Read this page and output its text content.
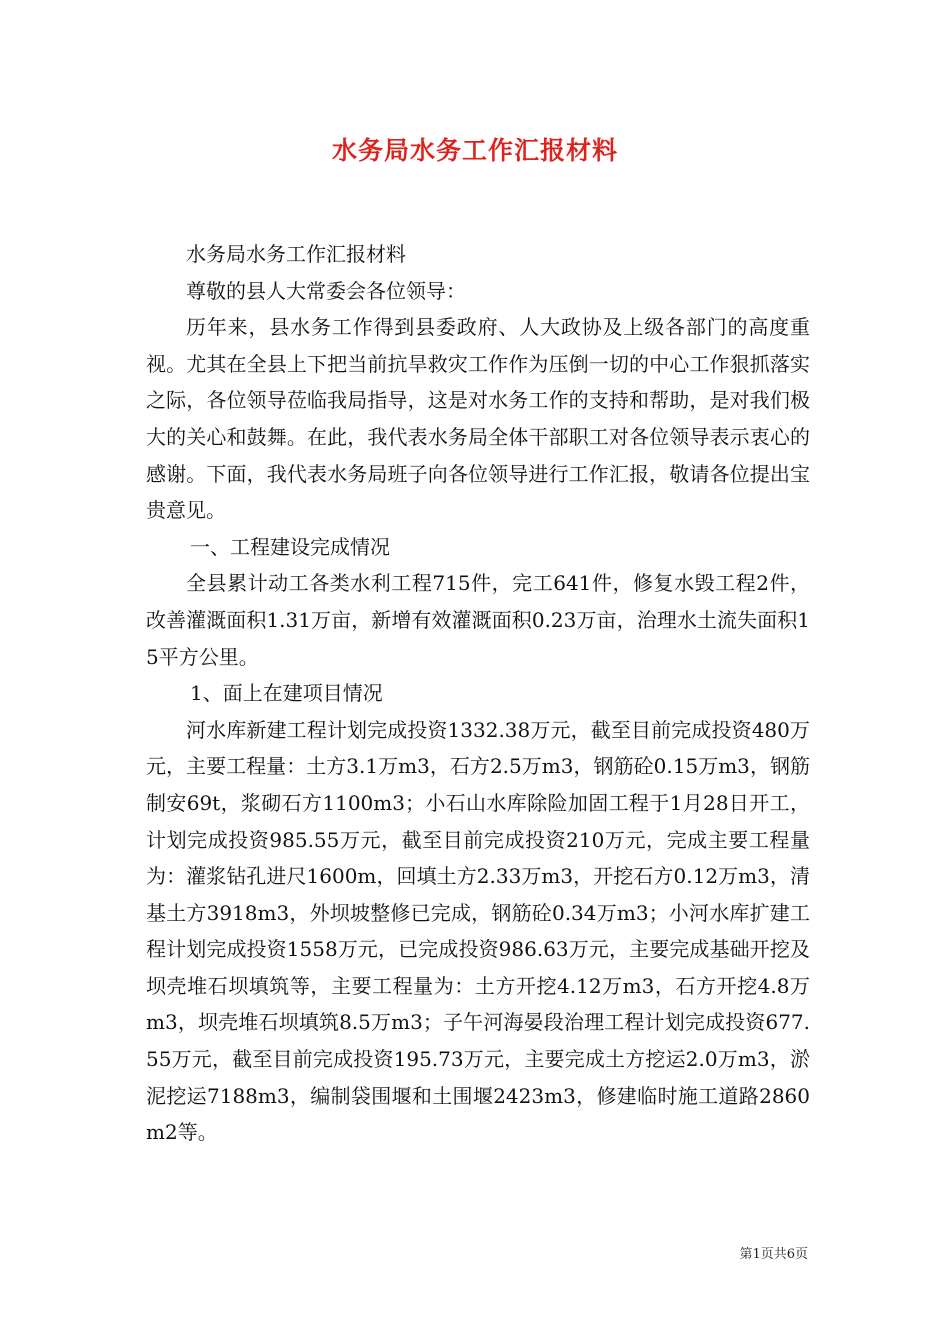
水务局水务工作汇报材料

水务局水务工作汇报材料

尊敬的县人大常委会各位领导：

历年来，县水务工作得到县委政府、人大政协及上级各部门的高度重视。尤其在全县上下把当前抗旱救灾工作作为压倒一切的中心工作狠抓落实之际，各位领导莅临我局指导，这是对水务工作的支持和帮助，是对我们极大的关心和鼓舞。在此，我代表水务局全体干部职工对各位领导表示衷心的感谢。下面，我代表水务局班子向各位领导进行工作汇报，敬请各位提出宝贵意见。

一、工程建设完成情况

全县累计动工各类水利工程715件，完工641件，修复水毁工程2件，改善灌溉面积1.31万亩，新增有效灌溉面积0.23万亩，治理水土流失面积15平方公里。

1、面上在建项目情况

河水库新建工程计划完成投资1332.38万元，截至目前完成投资480万元，主要工程量：土方3.1万m3，石方2.5万m3，钢筋砼0.15万m3，钢筋制安69t，浆砌石方1100m3；小石山水库除险加固工程于1月28日开工，计划完成投资985.55万元，截至目前完成投资210万元，完成主要工程量为：灌浆钻孔进尺1600m，回填土方2.33万m3，开挖石方0.12万m3，清基土方3918m3，外坝坡整修已完成，钢筋砼0.34万m3；小河水库扩建工程计划完成投资1558万元，已完成投资986.63万元，主要完成基础开挖及坝壳堆石坝填筑等，主要工程量为：土方开挖4.12万m3，石方开挖4.8万m3，坝壳堆石坝填筑8.5万m3；子午河海晏段治理工程计划完成投资677.55万元，截至目前完成投资195.73万元，主要完成土方挖运2.0万m3，淤泥挖运7188m3，编制袋围堰和土围堰2423m3，修建临时施工道路2860m2等。

第1页共6页
